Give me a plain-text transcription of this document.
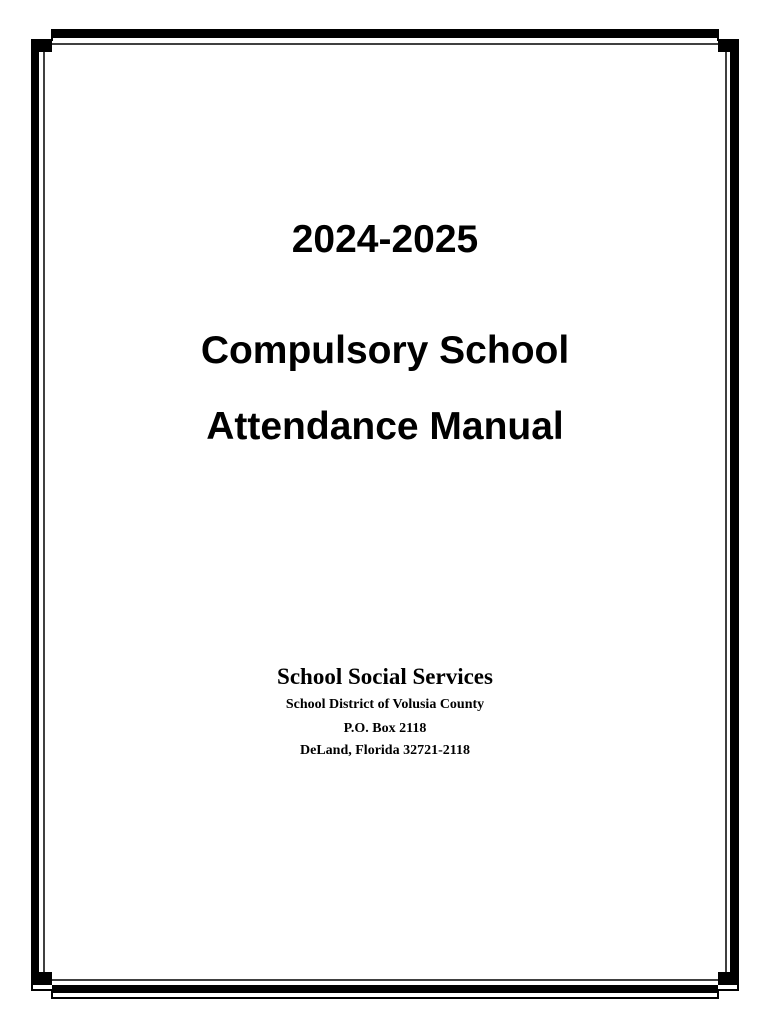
2024-2025
Compulsory School
Attendance Manual
School Social Services
School District of Volusia County
P.O. Box 2118
DeLand, Florida 32721-2118
